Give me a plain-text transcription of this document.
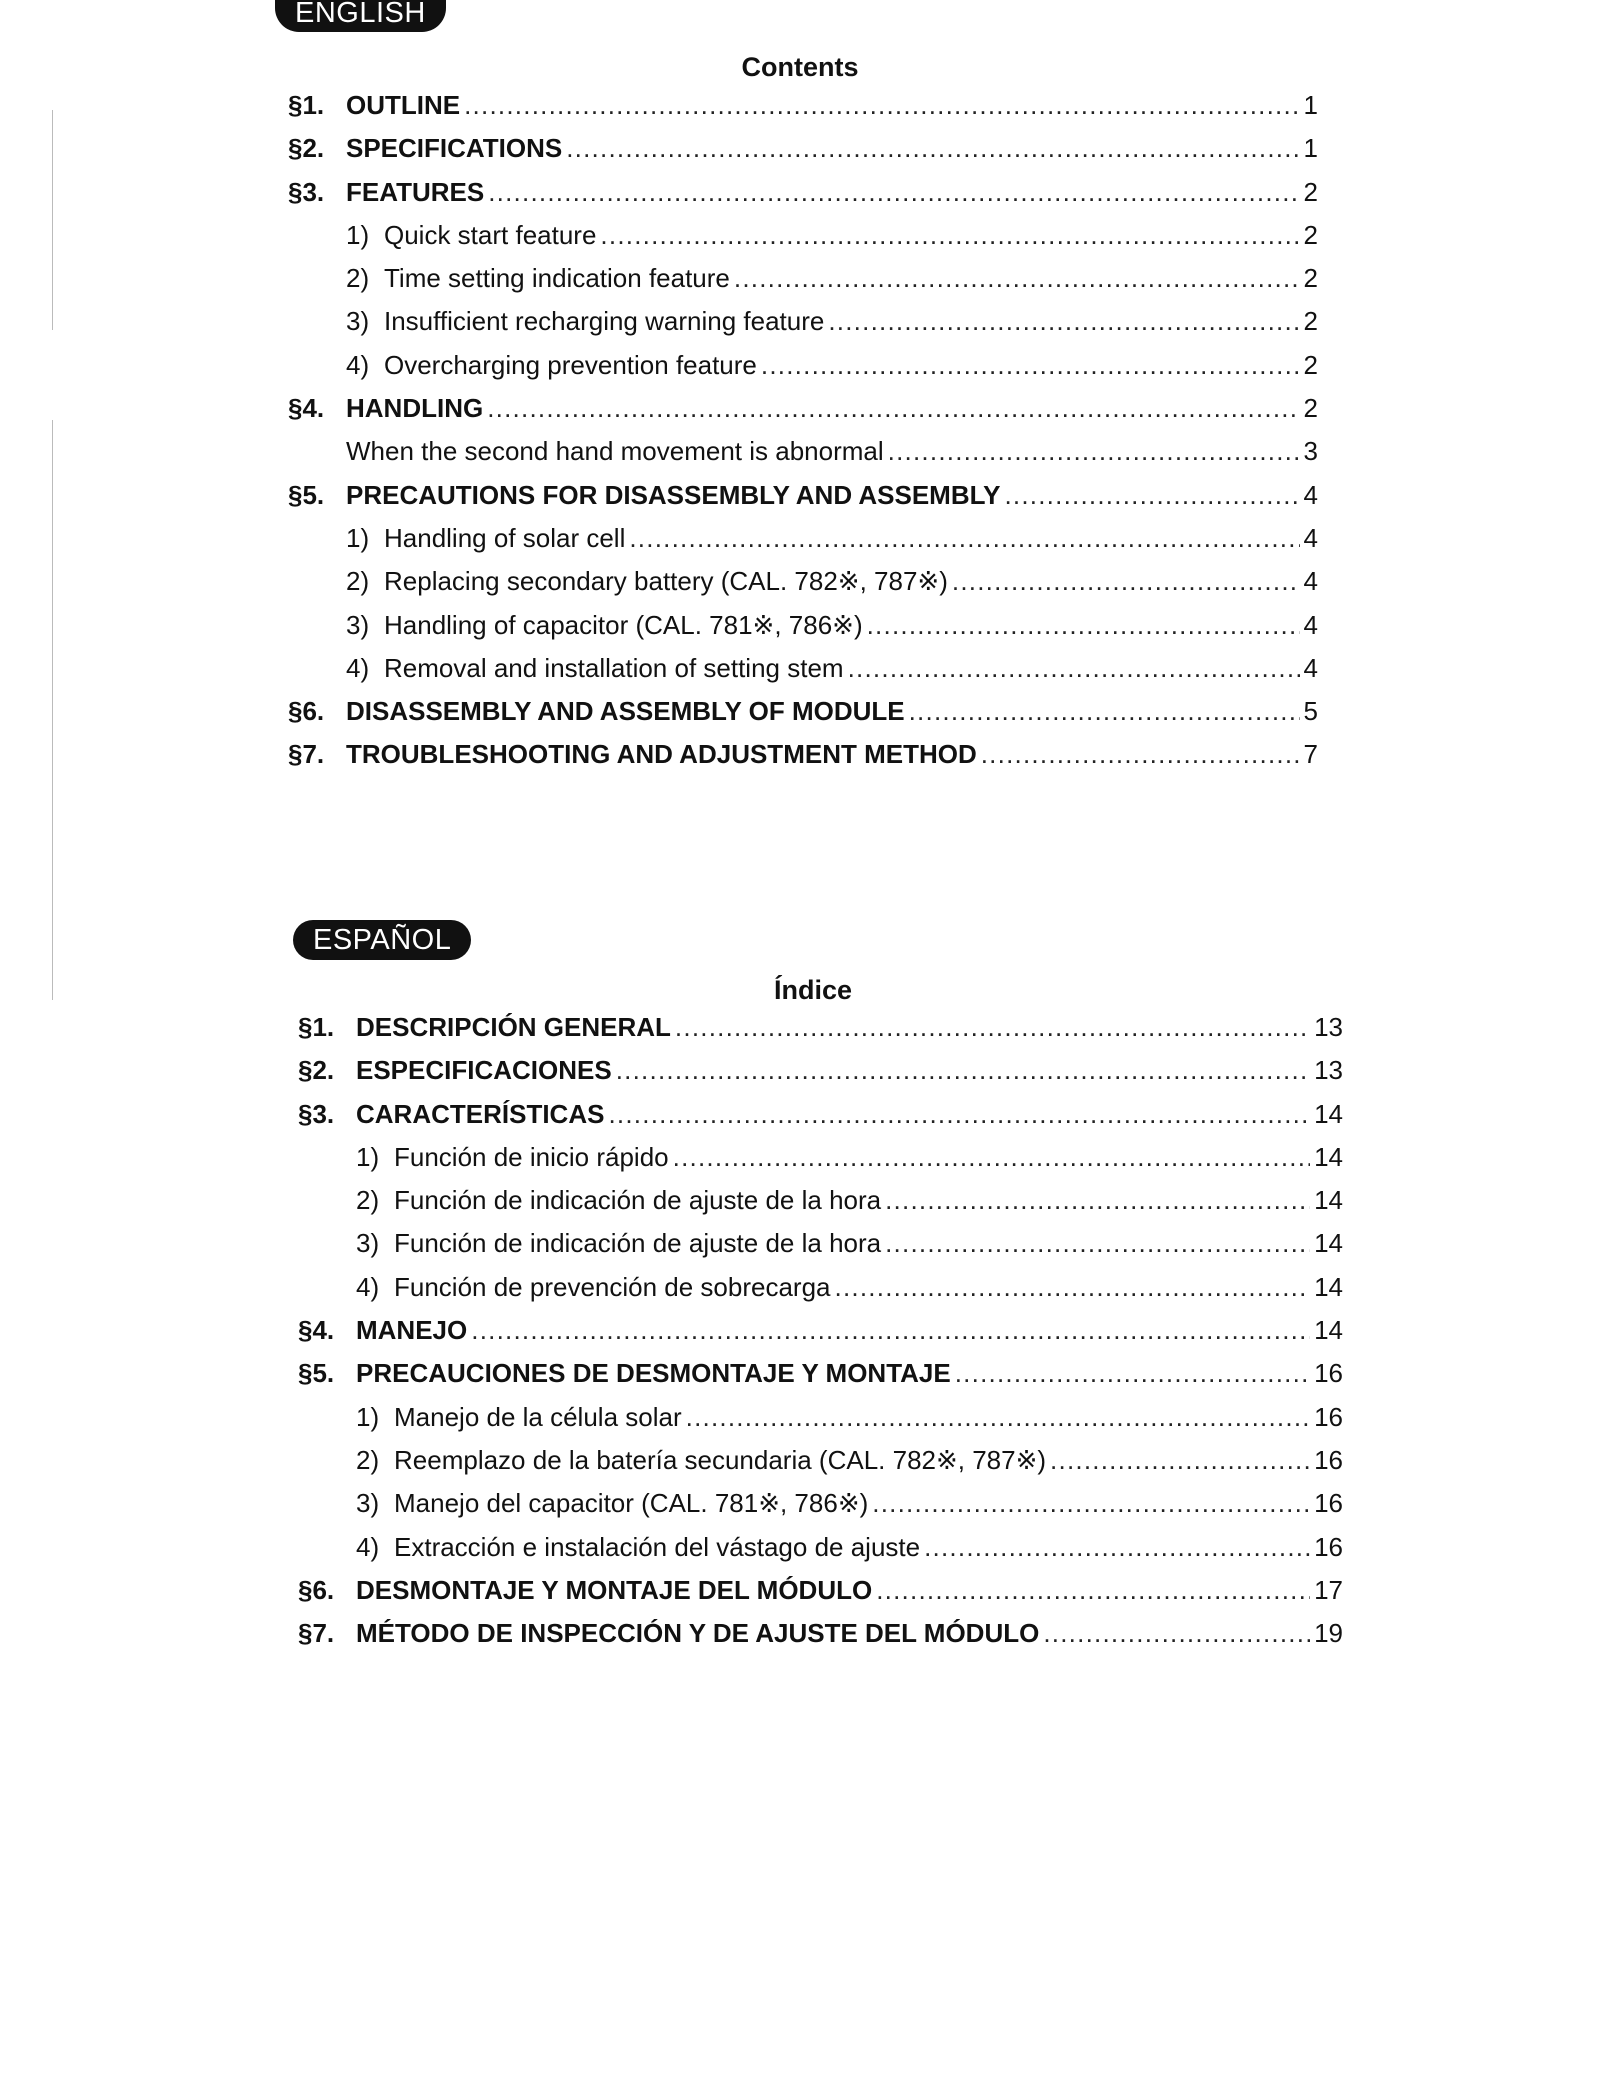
ENGLISH
Contents
§1. OUTLINE . . .	1
§2. SPECIFICATIONS . . .	1
§3. FEATURES . . .	2
1) Quick start feature . . .	2
2) Time setting indication feature . . .	2
3) Insufficient recharging warning feature . . .	2
4) Overcharging prevention feature . . .	2
§4. HANDLING . . .	2
When the second hand movement is abnormal . . .	3
§5. PRECAUTIONS FOR DISASSEMBLY AND ASSEMBLY . . .	4
1) Handling of solar cell . . .	4
2) Replacing secondary battery (CAL. 782※, 787※) . . .	4
3) Handling of capacitor (CAL. 781※, 786※) . . .	4
4) Removal and installation of setting stem . . .	4
§6. DISASSEMBLY AND ASSEMBLY OF MODULE . . .	5
§7. TROUBLESHOOTING AND ADJUSTMENT METHOD . . .	7
ESPAÑOL
Índice
§1. DESCRIPCIÓN GENERAL . . .	13
§2. ESPECIFICACIONES . . .	13
§3. CARACTERÍSTICAS . . .	14
1) Función de inicio rápido . . .	14
2) Función de indicación de ajuste de la hora . . .	14
3) Función de indicación de ajuste de la hora . . .	14
4) Función de prevención de sobrecarga . . .	14
§4. MANEJO . . .	14
§5. PRECAUCIONES DE DESMONTAJE Y MONTAJE . . .	16
1) Manejo de la célula solar . . .	16
2) Reemplazo de la batería secundaria (CAL. 782※, 787※) . . .	16
3) Manejo del capacitor (CAL. 781※, 786※) . . .	16
4) Extracción e instalación del vástago de ajuste . . .	16
§6. DESMONTAJE Y MONTAJE DEL MÓDULO . . .	17
§7. MÉTODO DE INSPECCIÓN Y DE AJUSTE DEL MÓDULO . . .	19
